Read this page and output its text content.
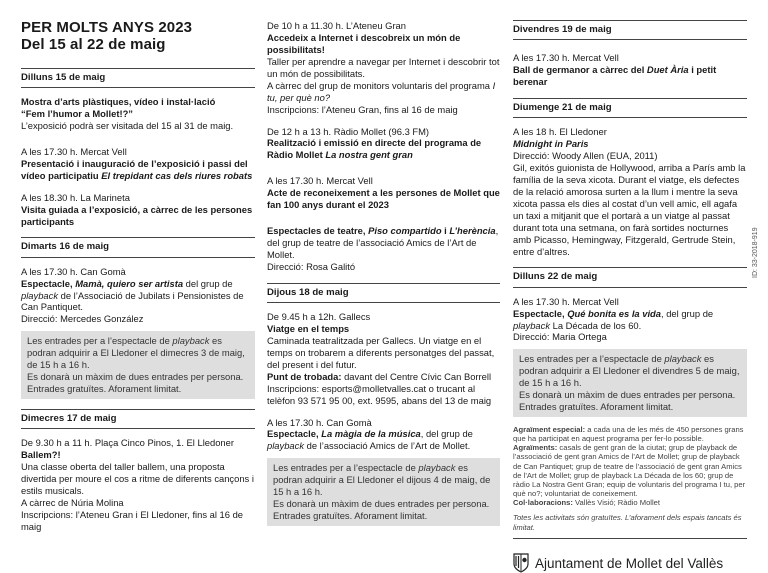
PER MOLTS ANYS 2023
Del 15 al 22 de maig
Dilluns 15 de maig

Mostra d’arts plàstiques, vídeo i instal·lació

“Fem l’humor a Mollet!?”

L’exposició podrà ser visitada del 15 al 31 de maig.

A les 17.30 h. Mercat Vell

Presentació i inauguració de l’exposició i passi del vídeo participatiu El trepidant cas dels riures robats

A les 18.30 h. La Marineta

Visita guiada a l’exposició, a càrrec de les persones participants

Dimarts 16 de maig

A les 17.30 h. Can Gomà

Espectacle, Mamà, quiero ser artista del grup de playback de l’Associació de Jubilats i Pensionistes de Can Pantiquet.

Direcció: Mercedes González

Les entrades per a l’espectacle de playback es podran adquirir a El Lledoner el dimecres 3 de maig, de 15 h a 16 h.

Es donarà un màxim de dues entrades per persona.

Entrades gratuïtes. Aforament limitat.

Dimecres 17 de maig

De 9.30 h a 11 h. Plaça Cinco Pinos, 1. El Lledoner

Ballem?!

Una classe oberta del taller ballem, una proposta divertida per moure el cos a ritme de diferents cançons i estils musicals.

A càrrec de Núria Molina

Inscripcions: l’Ateneu Gran i El Lledoner, fins al 16 de maig

De 10 h a 11.30 h. L’Ateneu Gran

Accedeix a Internet i descobreix un món de possibilitats!

Taller per aprendre a navegar per Internet i descobrir tot un món de possibilitats.

A càrrec del grup de monitors voluntaris del programa I tu, per què no?

Inscripcions: l’Ateneu Gran, fins al 16 de maig

De 12 h a 13 h. Ràdio Mollet (96.3 FM)

Realització i emissió en directe del programa de Ràdio Mollet La nostra gent gran

A les 17.30 h. Mercat Vell

Acte de reconeixement a les persones de Mollet que fan 100 anys durant el 2023

Espectacles de teatre, Piso compartido i L’herència, del grup de teatre de l’associació Amics de l’Art de Mollet.

Direcció: Rosa Galitó

Dijous 18 de maig

De 9.45 h a 12h. Gallecs

Viatge en el temps

Caminada teatralitzada per Gallecs. Un viatge en el temps on trobarem a diferents personatges del passat, del present i del futur.

Punt de trobada: davant del Centre Cívic Can Borrell

Inscripcions: esports@molletvalles.cat o trucant al telèfon 93 571 95 00, ext. 9595, abans del 13 de maig

A les 17.30 h. Can Gomà

Espectacle, La màgia de la música, del grup de playback de l’associació Amics de l’Art de Mollet.

Les entrades per a l’espectacle de playback es podran adquirir a El Lledoner el dijous 4 de maig, de 15 h a 16 h.

Es donarà un màxim de dues entrades per persona.

Entrades gratuïtes. Aforament limitat.

Divendres 19 de maig

A les 17.30 h. Mercat Vell

Ball de germanor a càrrec del Duet Ària i petit berenar

Diumenge 21 de maig

A les 18 h. El Lledoner

Midnight in Paris

Direcció: Woody Allen (EUA, 2011)

Gil, exitós guionista de Hollywood, arriba a París amb la família de la seva xicota. Durant el viatge, els defectes de la relació amorosa surten a la llum i mentre la seva xicota passa els dies al costat d’un vell amic, ell agafa un taxi a mitjanit que el portarà a un viatge al passat durant tota una setmana, on farà sortides nocturnes amb Picasso, Hemingway, Fitzgerald, Gertrude Stein, entre d’altres.

Dilluns 22 de maig

A les 17.30 h. Mercat Vell

Espectacle, Qué bonita es la vida, del grup de playback La Década de los 60.

Direcció: Maria Ortega

Les entrades per a l’espectacle de playback es podran adquirir a El Lledoner el divendres 5 de maig, de 15 h a 16 h.

Es donarà un màxim de dues entrades per persona.

Entrades gratuïtes. Aforament limitat.

Agraïment especial: a cada una de les més de 450 persones grans que ha participat en aquest programa per fer-lo possible.

Agraïments: casals de gent gran de la ciutat; grup de playback de l’associació de gent gran Amics de l’Art de Mollet; grup de playback de Can Pantiquet; grup de teatre de l’associació de gent gran Amics de l’Art de Mollet; grup de playback La Década de los 60; grup de ràdio La Nostra Gent Gran; equip de voluntaris del programa I tu, per què no?; voluntariat de coneixement.

Col·laboracions: Vallès Visió; Ràdio Mollet

Totes les activitats són gratuïtes. L’aforament dels espais tancats és limitat.
Ajuntament de Mollet del Vallès
ID: 33-2018-919
